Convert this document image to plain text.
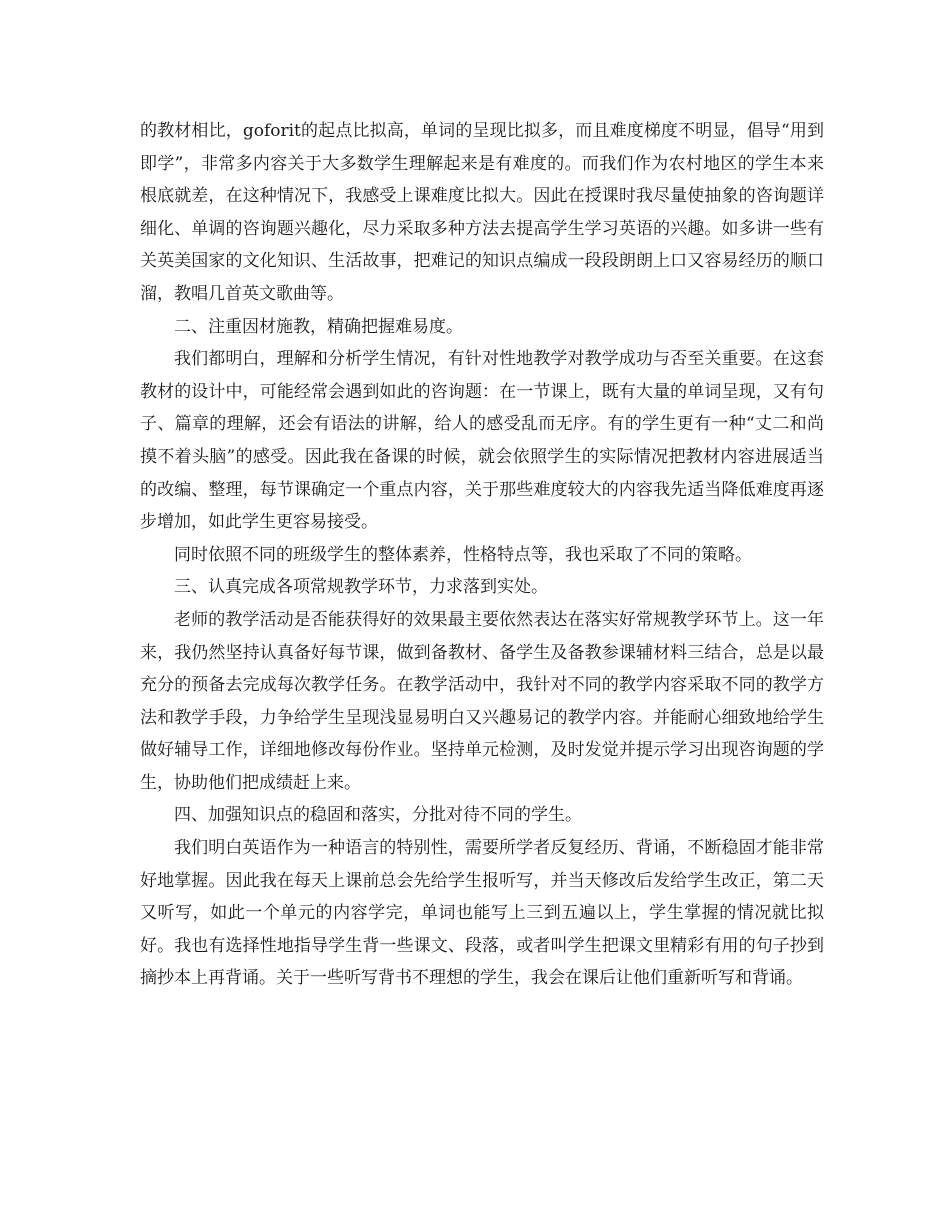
的教材相比，goforit的起点比拟高，单词的呈现比拟多，而且难度梯度不明显，倡导“用到即学”，非常多内容关于大多数学生理解起来是有难度的。而我们作为农村地区的学生本来根底就差，在这种情况下，我感受上课难度比拟大。因此在授课时我尽量使抽象的咨询题详细化、单调的咨询题兴趣化，尽力采取多种方法去提高学生学习英语的兴趣。如多讲一些有关英美国家的文化知识、生活故事，把难记的知识点编成一段段朗朗上口又容易经历的顺口溜，教唱几首英文歌曲等。

二、注重因材施教，精确把握难易度。

我们都明白，理解和分析学生情况，有针对性地教学对教学成功与否至关重要。在这套教材的设计中，可能经常会遇到如此的咨询题：在一节课上，既有大量的单词呈现，又有句子、篇章的理解，还会有语法的讲解，给人的感受乱而无序。有的学生更有一种“丈二和尚摸不着头脑”的感受。因此我在备课的时候，就会依照学生的实际情况把教材内容进展适当的改编、整理，每节课确定一个重点内容，关于那些难度较大的内容我先适当降低难度再逐步增加，如此学生更容易接受。

同时依照不同的班级学生的整体素养，性格特点等，我也采取了不同的策略。

三、认真完成各项常规教学环节，力求落到实处。

老师的教学活动是否能获得好的效果最主要依然表达在落实好常规教学环节上。这一年来，我仍然坚持认真备好每节课，做到备教材、备学生及备教参课辅材料三结合，总是以最充分的预备去完成每次教学任务。在教学活动中，我针对不同的教学内容采取不同的教学方法和教学手段，力争给学生呈现浅显易明白又兴趣易记的教学内容。并能耐心细致地给学生做好辅导工作，详细地修改每份作业。坚持单元检测，及时发觉并提示学习出现咨询题的学生，协助他们把成绩赶上来。

四、加强知识点的稳固和落实，分批对待不同的学生。

我们明白英语作为一种语言的特别性，需要所学者反复经历、背诵，不断稳固才能非常好地掌握。因此我在每天上课前总会先给学生报听写，并当天修改后发给学生改正，第二天又听写，如此一个单元的内容学完，单词也能写上三到五遍以上，学生掌握的情况就比拟好。我也有选择性地指导学生背一些课文、段落，或者叫学生把课文里精彩有用的句子抄到摘抄本上再背诵。关于一些听写背书不理想的学生，我会在课后让他们重新听写和背诵。
